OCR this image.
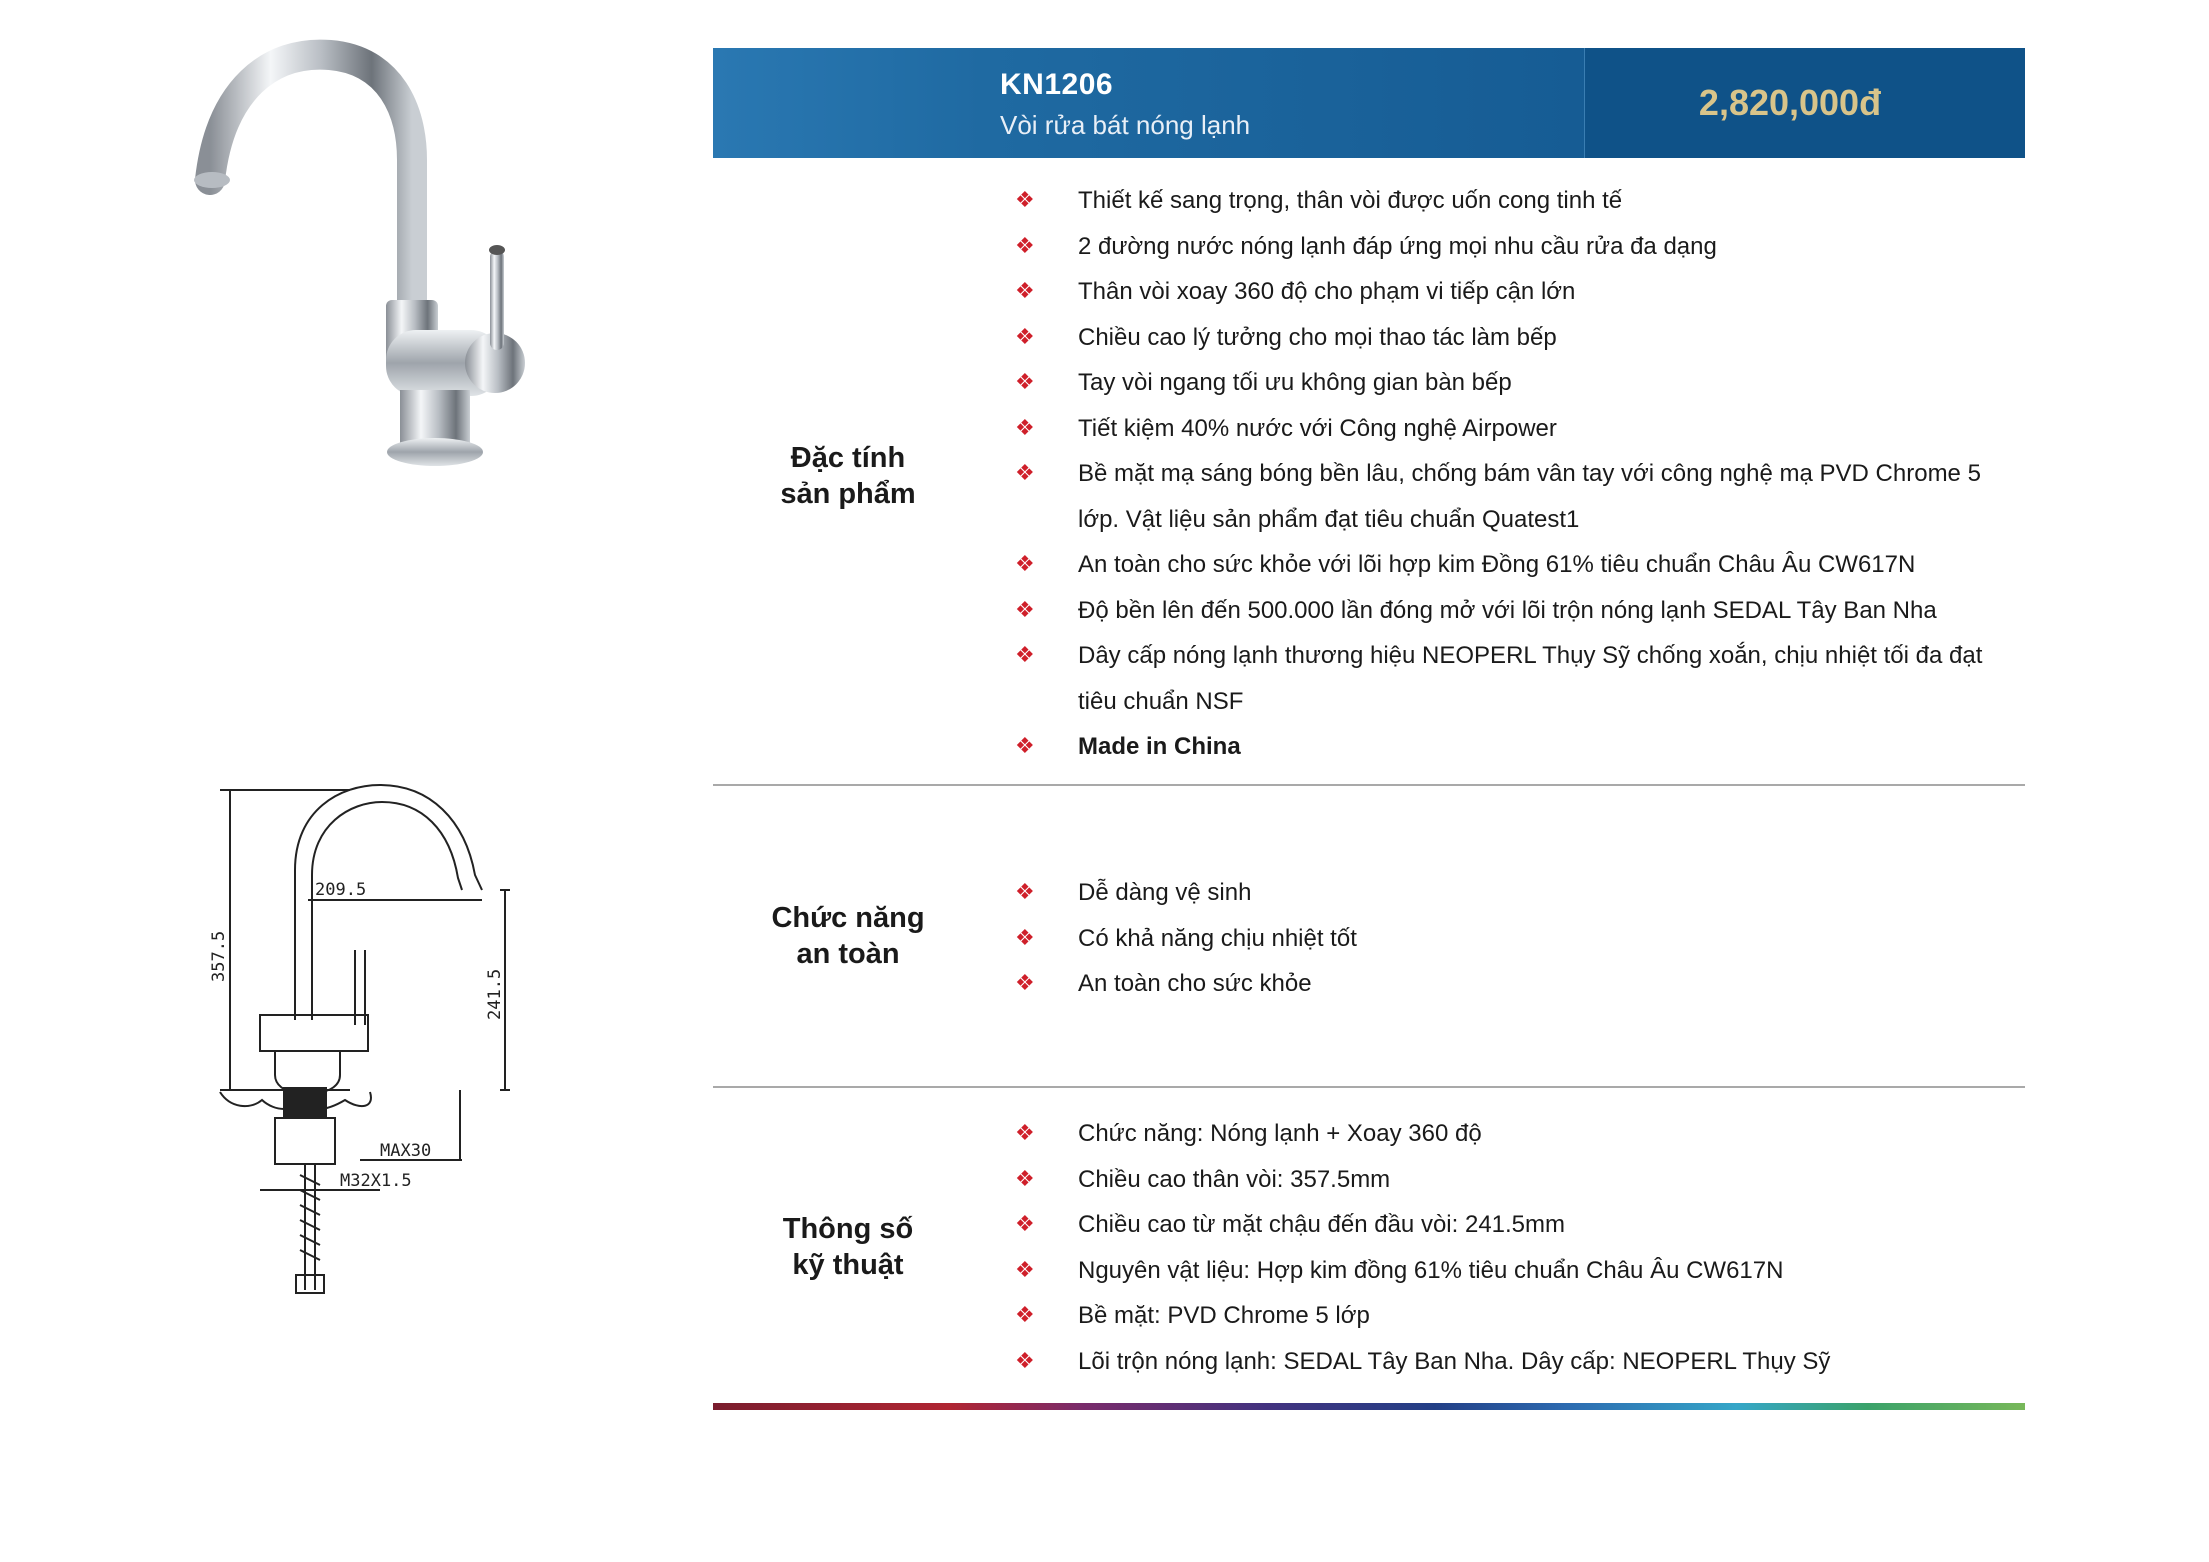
209.5
357.5
241.5
MAX30
M32X1.5
KN1206
Vòi rửa bát nóng lạnh
2,820,000đ
Đặc tính
sản phẩm
❖ Thiết kế sang trọng, thân vòi được uốn cong tinh tế
❖ 2 đường nước nóng lạnh đáp ứng mọi nhu cầu rửa đa dạng
❖ Thân vòi xoay 360 độ cho phạm vi tiếp cận lớn
❖ Chiều cao lý tưởng cho mọi thao tác làm bếp
❖ Tay vòi ngang tối ưu không gian bàn bếp
❖ Tiết kiệm 40% nước với Công nghệ Airpower
❖ Bề mặt mạ sáng bóng bền lâu, chống bám vân tay với công nghệ mạ PVD Chrome 5 lớp. Vật liệu sản phẩm đạt tiêu chuẩn Quatest1
❖ An toàn cho sức khỏe với lõi hợp kim Đồng 61% tiêu chuẩn Châu Âu CW617N
❖ Độ bền lên đến 500.000 lần đóng mở với lõi trộn nóng lạnh SEDAL Tây Ban Nha
❖ Dây cấp nóng lạnh thương hiệu NEOPERL Thụy Sỹ chống xoắn, chịu nhiệt tối đa đạt tiêu chuẩn NSF
❖ Made in China
Chức năng
an toàn
❖ Dễ dàng vệ sinh
❖ Có khả năng chịu nhiệt tốt
❖ An toàn cho sức khỏe
Thông số
kỹ thuật
❖ Chức năng: Nóng lạnh + Xoay 360 độ
❖ Chiều cao thân vòi: 357.5mm
❖ Chiều cao từ mặt chậu đến đầu vòi: 241.5mm
❖ Nguyên vật liệu: Hợp kim đồng 61% tiêu chuẩn Châu Âu CW617N
❖ Bề mặt: PVD Chrome 5 lớp
❖ Lõi trộn nóng lạnh: SEDAL Tây Ban Nha. Dây cấp: NEOPERL Thụy Sỹ
